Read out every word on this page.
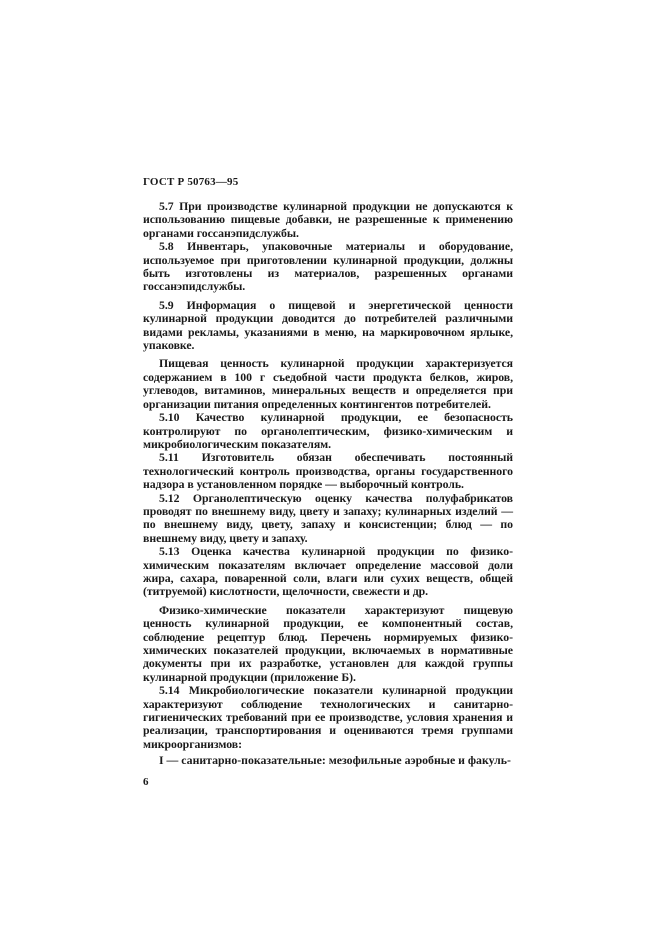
ГОСТ Р 50763—95

5.7 При производстве кулинарной продукции не допускаются к использованию пищевые добавки, не разрешенные к применению органами госсанэпидслужбы.

5.8 Инвентарь, упаковочные материалы и оборудование, используемое при приготовлении кулинарной продукции, должны быть изготовлены из материалов, разрешенных органами госсанэпидслужбы.

5.9 Информация о пищевой и энергетической ценности кулинарной продукции доводится до потребителей различными видами рекламы, указаниями в меню, на маркировочном ярлыке, упаковке.

Пищевая ценность кулинарной продукции характеризуется содержанием в 100 г съедобной части продукта белков, жиров, углеводов, витаминов, минеральных веществ и определяется при организации питания определенных контингентов потребителей.

5.10 Качество кулинарной продукции, ее безопасность контролируют по органолептическим, физико-химическим и микробиологическим показателям.

5.11 Изготовитель обязан обеспечивать постоянный технологический контроль производства, органы государственного надзора в установленном порядке — выборочный контроль.

5.12 Органолептическую оценку качества полуфабрикатов проводят по внешнему виду, цвету и запаху; кулинарных изделий — по внешнему виду, цвету, запаху и консистенции; блюд — по внешнему виду, цвету и запаху.

5.13 Оценка качества кулинарной продукции по физико-химическим показателям включает определение массовой доли жира, сахара, поваренной соли, влаги или сухих веществ, общей (титруемой) кислотности, щелочности, свежести и др.

Физико-химические показатели характеризуют пищевую ценность кулинарной продукции, ее компонентный состав, соблюдение рецептур блюд. Перечень нормируемых физико-химических показателей продукции, включаемых в нормативные документы при их разработке, установлен для каждой группы кулинарной продукции (приложение Б).

5.14 Микробиологические показатели кулинарной продукции характеризуют соблюдение технологических и санитарно-гигиенических требований при ее производстве, условия хранения и реализации, транспортирования и оцениваются тремя группами микроорганизмов:

I — санитарно-показательные: мезофильные аэробные и факуль-

6
